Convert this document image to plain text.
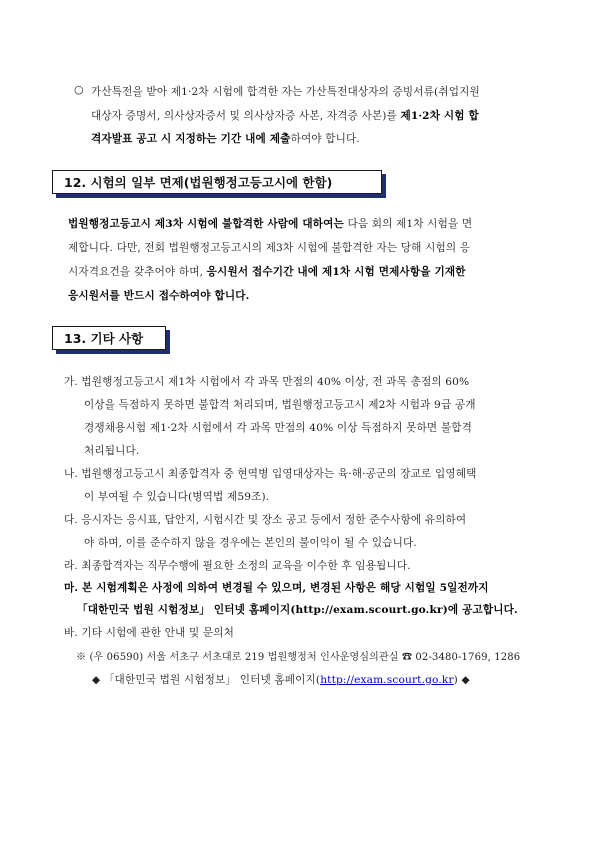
○ 가산특전을 받아 제1·2차 시험에 합격한 자는 가산특전대상자의 증빙서류(취업지원
대상자 증명서, 의사상자증서 및 의사상자증 사본, 자격증 사본)를 제1·2차 시험 합
격자발표 공고 시 지정하는 기간 내에 제출하여야 합니다.
12. 시험의 일부 면제(법원행정고등고시에 한함)
법원행정고등고시 제3차 시험에 불합격한 사람에 대하여는 다음 회의 제1차 시험을 면
제합니다. 다만, 전회 법원행정고등고시의 제3차 시험에 불합격한 자는 당해 시험의 응
시자격요건을 갖추어야 하며, 응시원서 접수기간 내에 제1차 시험 면제사항을 기재한
응시원서를 반드시 접수하여야 합니다.
13. 기타 사항
가. 법원행정고등고시 제1차 시험에서 각 과목 만점의 40% 이상, 전 과목 총점의 60%
이상을 득점하지 못하면 불합격 처리되며, 법원행정고등고시 제2차 시험과 9급 공개
경쟁채용시험 제1·2차 시험에서 각 과목 만점의 40% 이상 득점하지 못하면 불합격
처리됩니다.
나. 법원행정고등고시 최종합격자 중 현역병 입영대상자는 육·해·공군의 장교로 입영혜택
이 부여될 수 있습니다(병역법 제59조).
다. 응시자는 응시표, 답안지, 시험시간 및 장소 공고 등에서 정한 준수사항에 유의하여
야 하며, 이를 준수하지 않을 경우에는 본인의 불이익이 될 수 있습니다.
라. 최종합격자는 직무수행에 필요한 소정의 교육을 이수한 후 임용됩니다.
마. 본 시험계획은 사정에 의하여 변경될 수 있으며, 변경된 사항은 해당 시험일 5일전까지
「대한민국 법원 시험정보」 인터넷 홈페이지(http://exam.scourt.go.kr)에 공고합니다.
바. 기타 시험에 관한 안내 및 문의처
※ (우 06590) 서울 서초구 서초대로 219 법원행정처 인사운영심의관실 ☎ 02-3480-1769, 1286
◆ 「대한민국 법원 시험정보」 인터넷 홈페이지(http://exam.scourt.go.kr) ◆
